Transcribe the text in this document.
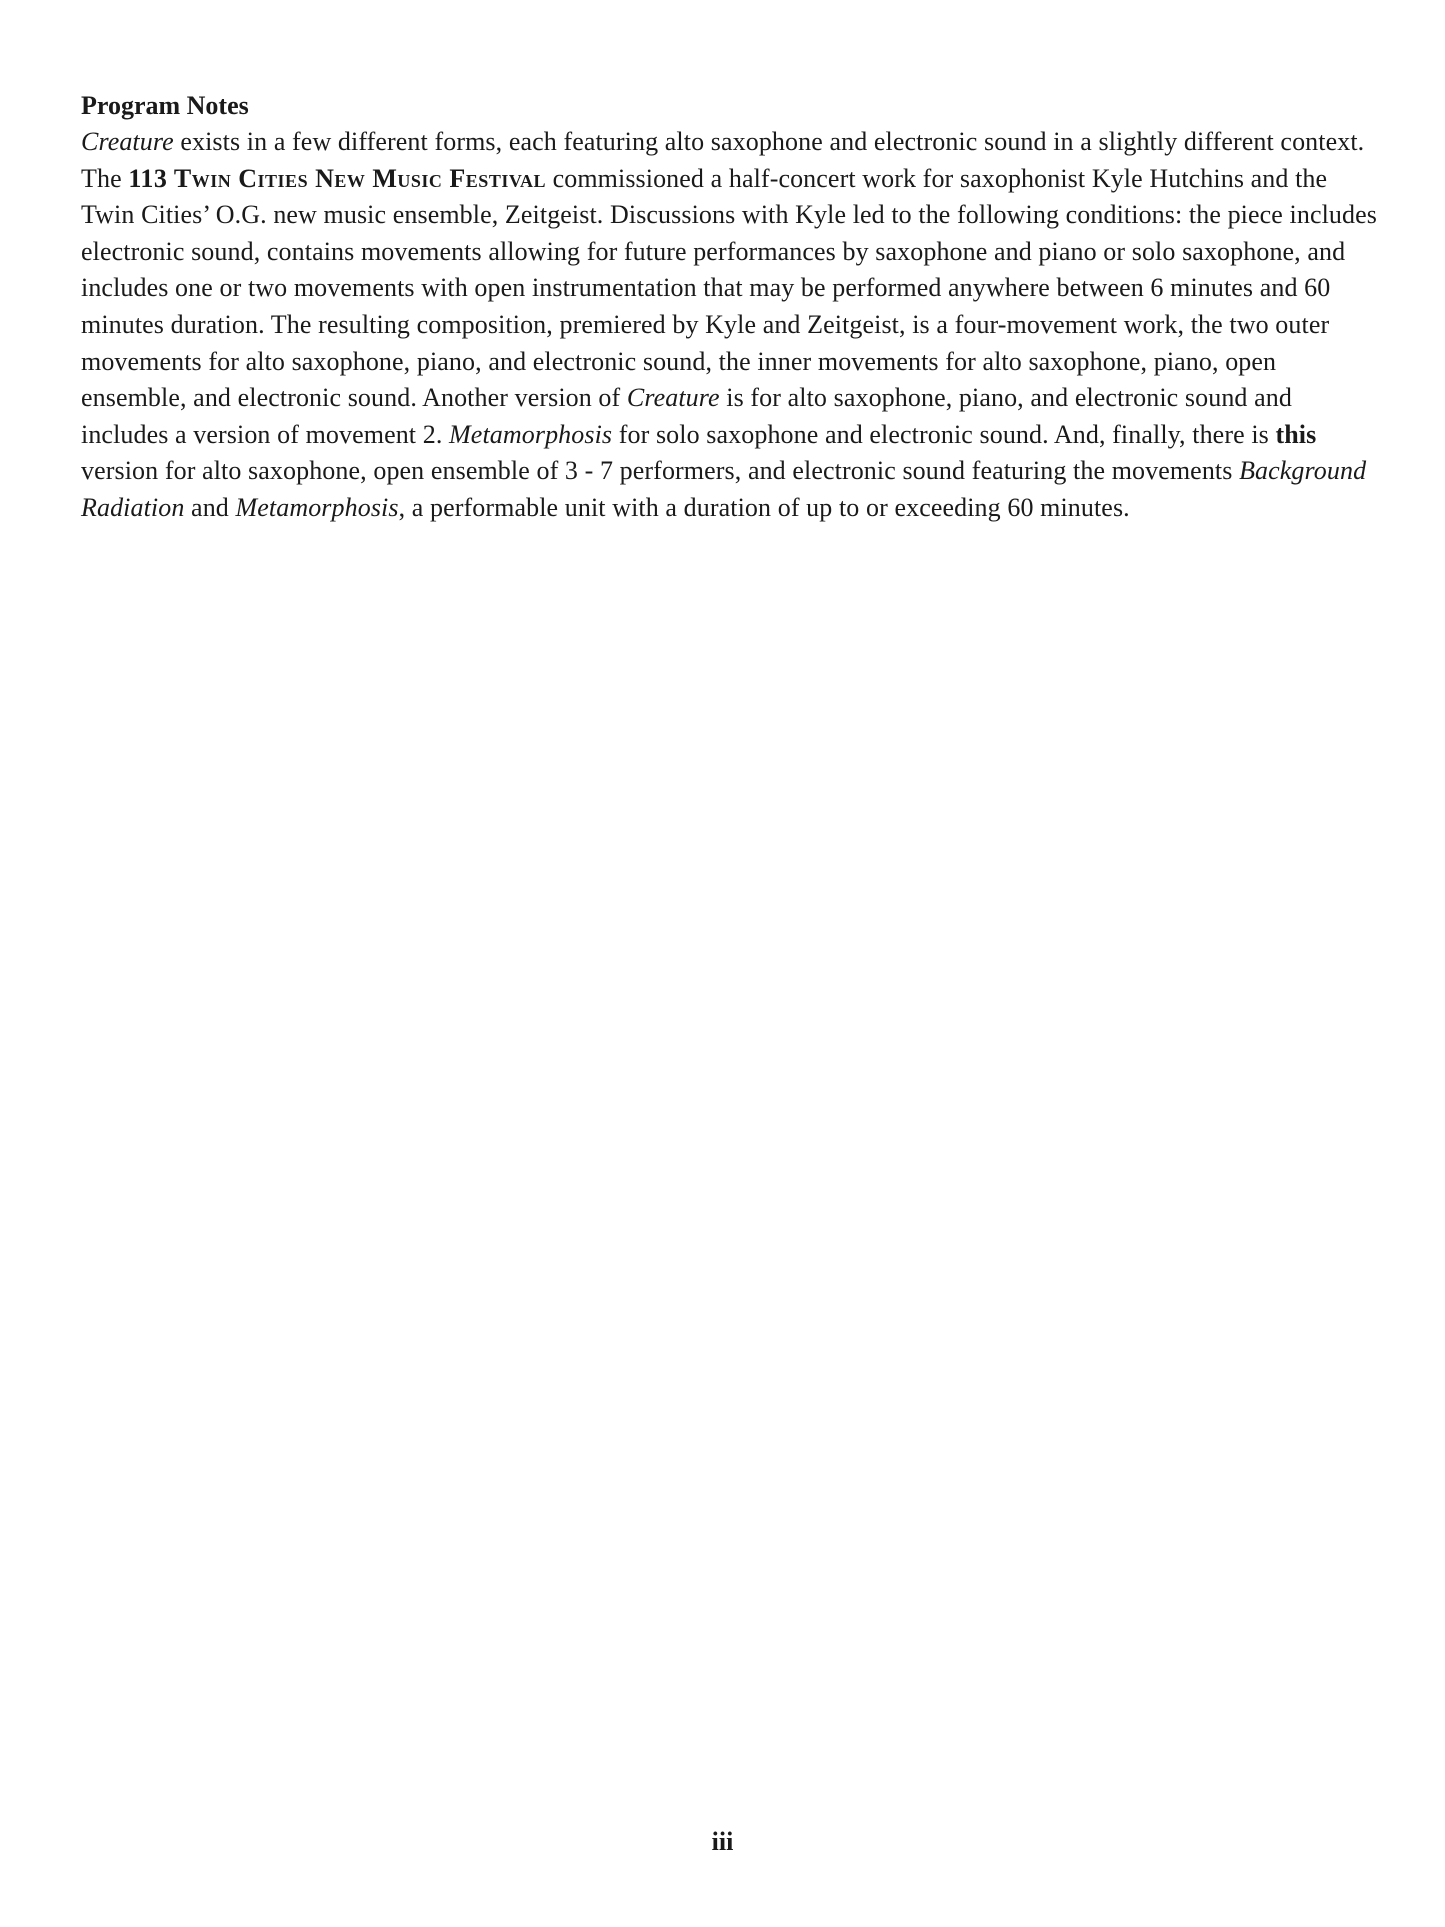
Program Notes

Creature exists in a few different forms, each featuring alto saxophone and electronic sound in a slightly different context. The 113 Twin Cities New Music Festival commissioned a half-concert work for saxophonist Kyle Hutchins and the Twin Cities’ O.G. new music ensemble, Zeitgeist. Discussions with Kyle led to the following conditions: the piece includes electronic sound, contains movements allowing for future performances by saxophone and piano or solo saxophone, and includes one or two movements with open instrumentation that may be performed anywhere between 6 minutes and 60 minutes duration. The resulting composition, premiered by Kyle and Zeitgeist, is a four-movement work, the two outer movements for alto saxophone, piano, and electronic sound, the inner movements for alto saxophone, piano, open ensemble, and electronic sound. Another version of Creature is for alto saxophone, piano, and electronic sound and includes a version of movement 2. Metamorphosis for solo saxophone and electronic sound. And, finally, there is this version for alto saxophone, open ensemble of 3 - 7 performers, and electronic sound featuring the movements Background Radiation and Metamorphosis, a performable unit with a duration of up to or exceeding 60 minutes.

iii
